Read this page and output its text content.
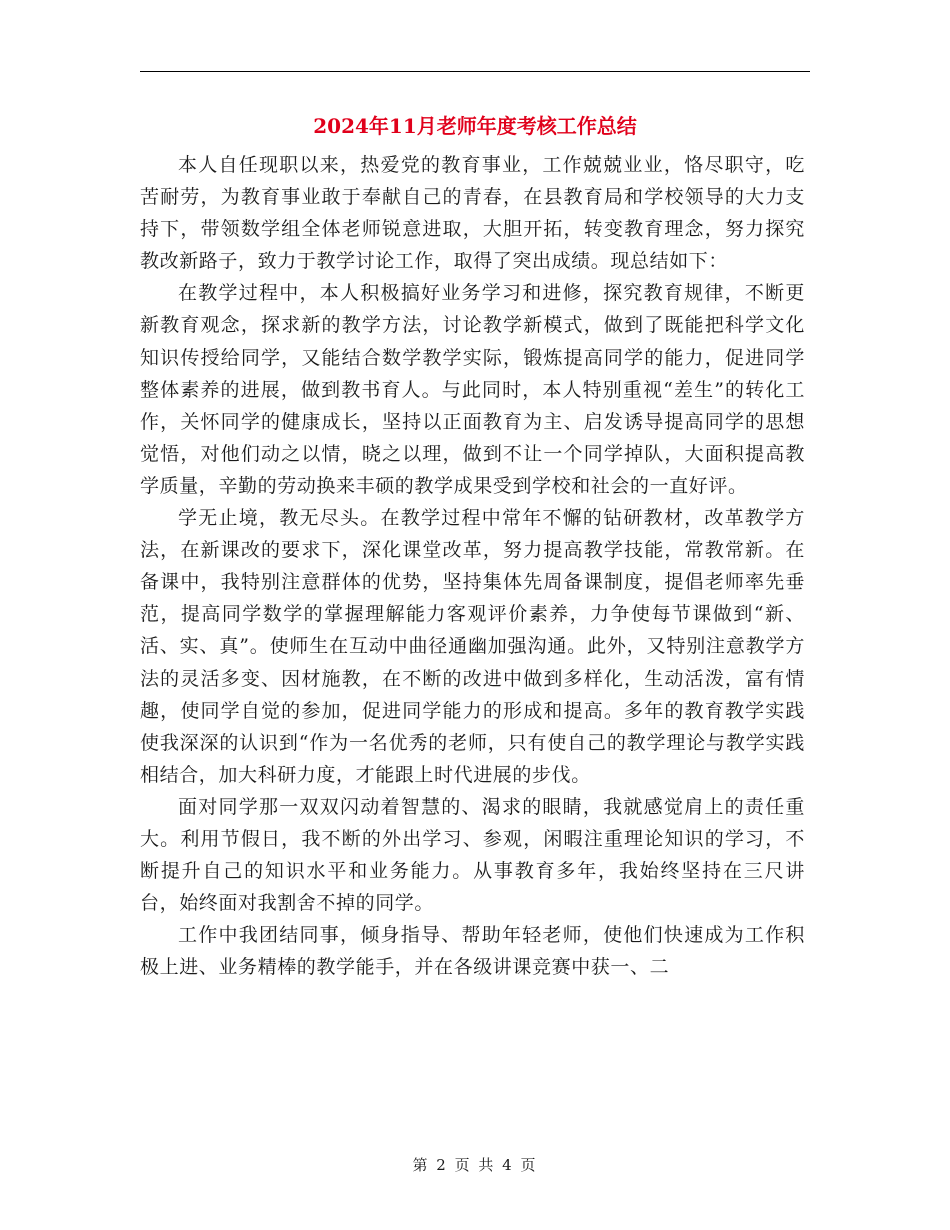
2024年11月老师年度考核工作总结

本人自任现职以来，热爱党的教育事业，工作兢兢业业，恪尽职守，吃苦耐劳，为教育事业敢于奉献自己的青春，在县教育局和学校领导的大力支持下，带领数学组全体老师锐意进取，大胆开拓，转变教育理念，努力探究教改新路子，致力于教学讨论工作，取得了突出成绩。现总结如下：

在教学过程中，本人积极搞好业务学习和进修，探究教育规律，不断更新教育观念，探求新的教学方法，讨论教学新模式，做到了既能把科学文化知识传授给同学，又能结合数学教学实际，锻炼提高同学的能力，促进同学整体素养的进展，做到教书育人。与此同时，本人特别重视“差生”的转化工作，关怀同学的健康成长，坚持以正面教育为主、启发诱导提高同学的思想觉悟，对他们动之以情，晓之以理，做到不让一个同学掉队，大面积提高教学质量，辛勤的劳动换来丰硕的教学成果受到学校和社会的一直好评。

学无止境，教无尽头。在教学过程中常年不懈的钻研教材，改革教学方法，在新课改的要求下，深化课堂改革，努力提高教学技能，常教常新。在备课中，我特别注意群体的优势，坚持集体先周备课制度，提倡老师率先垂范，提高同学数学的掌握理解能力客观评价素养，力争使每节课做到“新、活、实、真”。使师生在互动中曲径通幽加强沟通。此外，又特别注意教学方法的灵活多变、因材施教，在不断的改进中做到多样化，生动活泼，富有情趣，使同学自觉的参加，促进同学能力的形成和提高。多年的教育教学实践使我深深的认识到“作为一名优秀的老师，只有使自己的教学理论与教学实践相结合，加大科研力度，才能跟上时代进展的步伐。

面对同学那一双双闪动着智慧的、渴求的眼睛，我就感觉肩上的责任重大。利用节假日，我不断的外出学习、参观，闲暇注重理论知识的学习，不断提升自己的知识水平和业务能力。从事教育多年，我始终坚持在三尺讲台，始终面对我割舍不掉的同学。

工作中我团结同事，倾身指导、帮助年轻老师，使他们快速成为工作积极上进、业务精棒的教学能手，并在各级讲课竞赛中获一、二

第 2 页 共 4 页
